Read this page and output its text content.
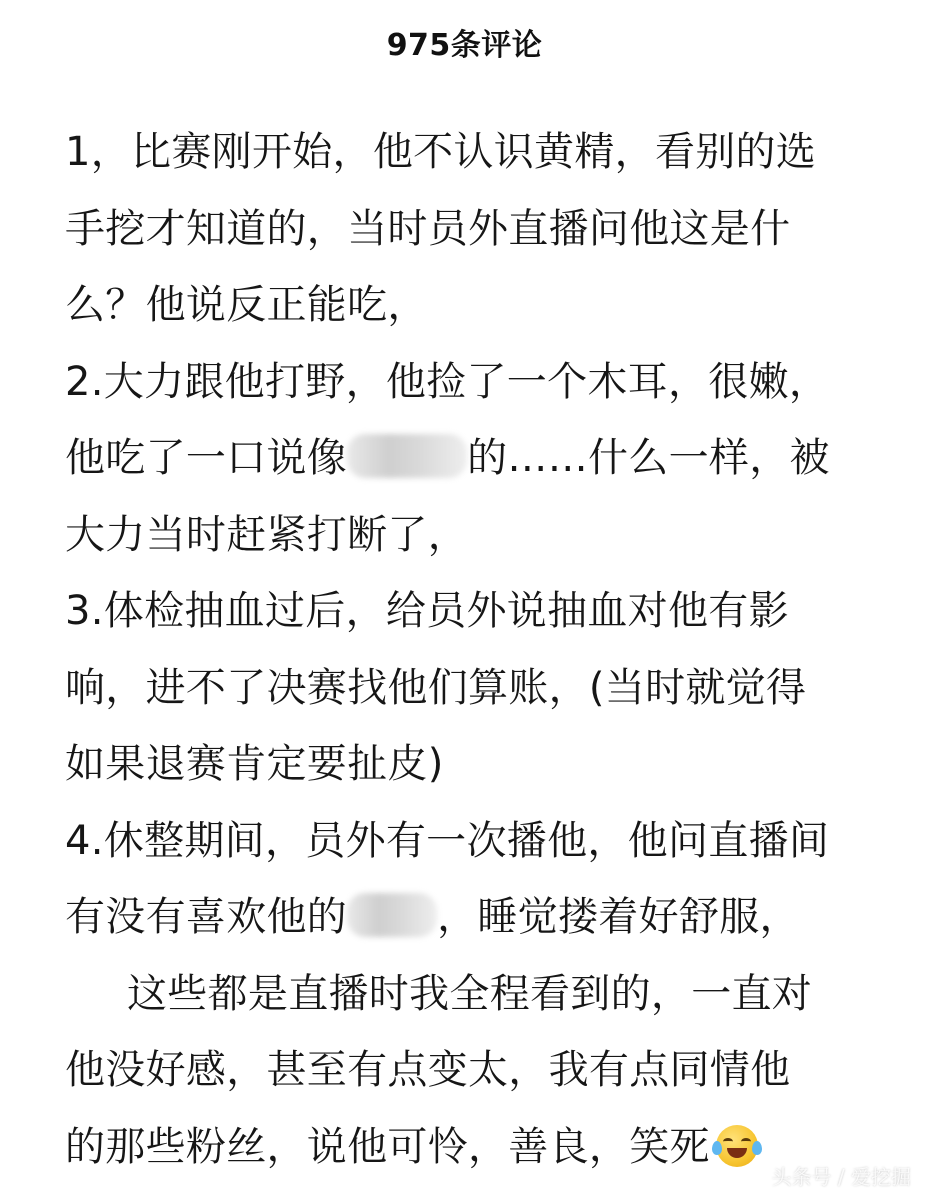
975条评论
1，比赛刚开始，他不认识黄精，看别的选
手挖才知道的，当时员外直播问他这是什
么？他说反正能吃，
2.大力跟他打野，他捡了一个木耳，很嫩，
他吃了一口说像	的……什么一样，被
大力当时赶紧打断了，
3.体检抽血过后，给员外说抽血对他有影
响，进不了决赛找他们算账，(当时就觉得
如果退赛肯定要扯皮)
4.休整期间，员外有一次播他，他问直播间
有没有喜欢他的 ，睡觉搂着好舒服，
这些都是直播时我全程看到的，一直对
他没好感，甚至有点变太，我有点同情他
的那些粉丝，说他可怜，善良，笑死
头条号 / 爱挖掘
